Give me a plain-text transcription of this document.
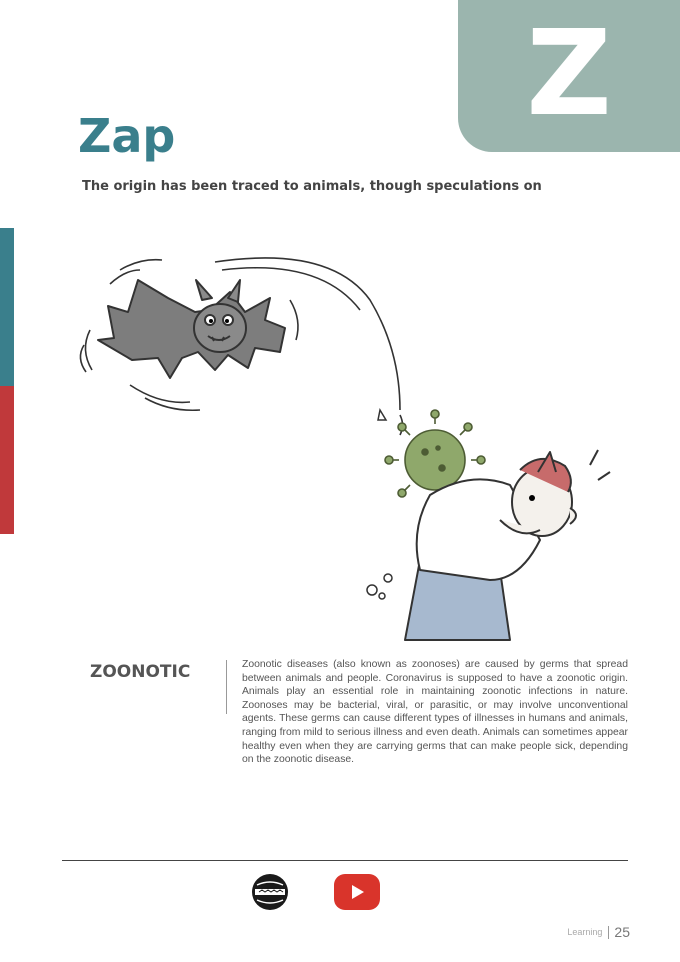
Z
Zap

The origin has been traced to animals, though speculations on

ZOONOTIC	Zoonotic diseases (also known as zoonoses) are caused by germs that spread between animals and people. Coronavirus is supposed to have a zoonotic origin. Animals play an essential role in maintaining zoonotic infections in nature. Zoonoses may be bacterial, viral, or parasitic, or may involve unconventional agents. These germs can cause different types of illnesses in humans and animals, ranging from mild to serious illness and even death. Animals can sometimes appear healthy even when they are carrying germs that can make people sick, depending on the zoonotic disease.

Learning 25
